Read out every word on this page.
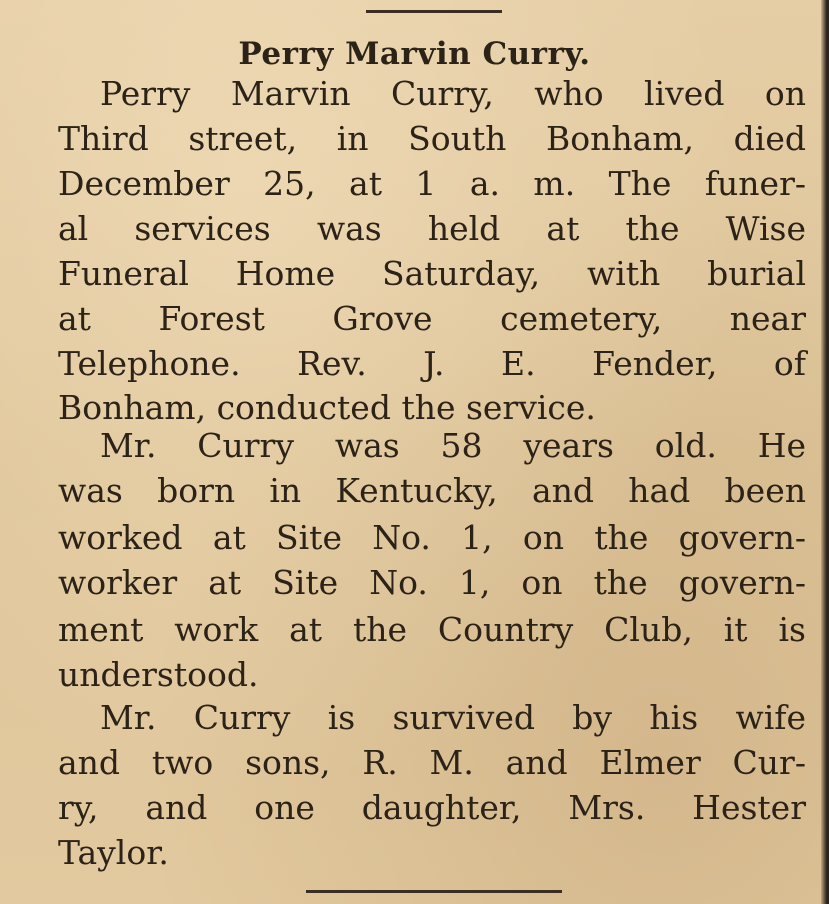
Perry Marvin Curry.
Perry Marvin Curry, who lived on
Third street, in South Bonham, died
December 25, at 1 a. m. The funer-
al services was held at the Wise
Funeral Home Saturday, with burial
at Forest Grove cemetery, near
Telephone. Rev. J. E. Fender, of
Bonham, conducted the service.
Mr. Curry was 58 years old. He
was born in Kentucky, and had been
worked at Site No. 1, on the govern-
worker at Site No. 1, on the govern-
ment work at the Country Club, it is
understood.
Mr. Curry is survived by his wife
and two sons, R. M. and Elmer Cur-
ry, and one daughter, Mrs. Hester
Taylor.
